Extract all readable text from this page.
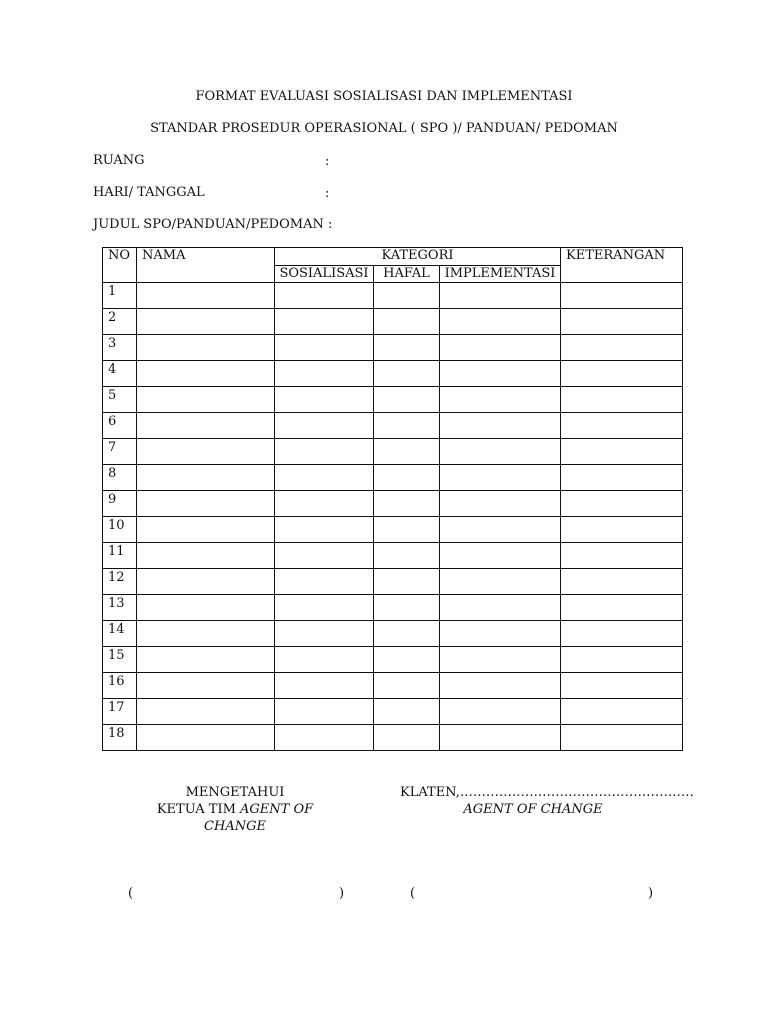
FORMAT EVALUASI SOSIALISASI DAN IMPLEMENTASI
STANDAR PROSEDUR OPERASIONAL ( SPO )/ PANDUAN/ PEDOMAN
RUANG	:
HARI/ TANGGAL	:
JUDUL SPO/PANDUAN/PEDOMAN :
NO	NAMA	KATEGORI			KETERANGAN
		SOSIALISASI	HAFAL	IMPLEMENTASI	
1					
2					
3					
4					
5					
6					
7					
8					
9					
10					
11					
12					
13					
14					
15					
16					
17					
18					
MENGETAHUI
KETUA TIM AGENT OF CHANGE
KLATEN,………………………………………………
AGENT OF CHANGE
(	)	(	)
